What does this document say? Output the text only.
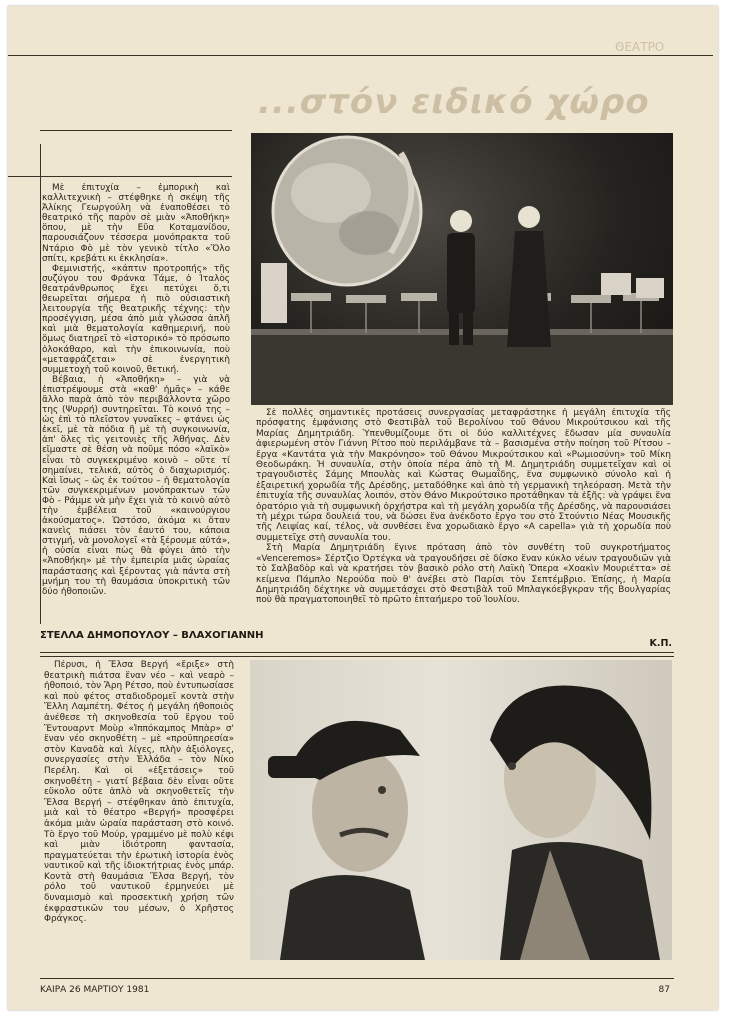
ΘΕΑΤΡΟ
...στόν ειδικό χώρο

Μὲ ἐπιτυχία – ἐμπορικὴ καὶ καλλιτεχνικὴ – στέφθηκε ἡ σκέψη τῆς Ἀλίκης Γεωργούλη νὰ ἐναποθέσει τὸ θεατρικό τῆς παρὸν σὲ μιὰν «Ἀποθήκη» ὅπου, μὲ τὴν Εὔα Κοταμανίδου, παρουσιάζουν τέσσερα μονόπρακτα τοῦ Ντάριο Φὸ μὲ τὸν γενικὸ τίτλο «Ὅλο σπίτι, κρεβάτι κι ἐκκλησία».

Φεμινιστής, «κάπτιν προτροπής» τῆς συζύγου του Φράνκα Τάμε, ὁ Ἰταλὸς θεατράνθρωπος ἔχει πετύχει ὅ,τι θεωρεῖται σήμερα ἡ πιὸ οὐσιαστικὴ λειτουργία τῆς θεατρικῆς τέχνης: τὴν προσέγγιση, μέσα ἀπὸ μιὰ γλώσσα ἁπλῆ καὶ μιὰ θεματολογία καθημερινή, ποὺ ὅμως διατηρεῖ τὸ «ἱστορικό» τὸ πρόσωπο ὁλοκάθαρο, καὶ τὴν ἐπικοινωνία, ποὺ «μεταφράζεται» σὲ ἐνεργητικὴ συμμετοχὴ τοῦ κοινοῦ, θετική.

Βέβαια, ἡ «Ἀποθήκη» – γιὰ νὰ ἐπιστρέψουμε στὰ «καθ' ἡμᾶς» – κάθε ἄλλο παρὰ ἀπὸ τὸν περιβάλλοντα χῶρο της (Ψυρρή) συντηρεῖται. Τὸ κοινό της – ὡς ἐπὶ τὸ πλεῖστον γυναῖκες – φτάνει ὡς ἐκεῖ, μὲ τὰ πόδια ἢ μὲ τὴ συγκοινωνία, ἀπ' ὅλες τὶς γειτονιὲς τῆς Ἀθήνας. Δὲν εἴμαστε σὲ θέση νὰ ποῦμε πόσο «λαϊκὸ» εἶναι τὸ συγκεκριμένο κοινὸ – οὔτε τί σημαίνει, τελικά, αὐτὸς ὁ διαχωρισμός. Καὶ ἴσως – ὡς ἐκ τούτου – ἡ θεματολογία τῶν συγκεκριμένων μονόπρακτων τῶν Φὸ - Ράμμε νὰ μὴν ἔχει γιὰ τὸ κοινὸ αὐτὸ τὴν ἐμβέλεια τοῦ «καινούργιου ἀκούσματος». Ὡστόσο, ἀκόμα κι ὅταν κανεὶς πιάσει τὸν ἑαυτό του, κάποια στιγμή, νὰ μονολογεῖ «τὰ ξέρουμε αὐτά», ἡ οὐσία εἶναι πὼς θὰ φύγει ἀπὸ τὴν «Ἀποθήκη» μὲ τὴν ἐμπειρία μιᾶς ὡραίας παράστασης καὶ ξέροντας γιὰ πάντα στὴ μνήμη του τὴ θαυμάσια ὑποκριτικὴ τῶν δύο ἠθοποιῶν.

ΣΤΕΛΛΑ ΔΗΜΟΠΟΥΛΟΥ – ΒΛΑΧΟΓΙΑΝΝΗ

Σὲ πολλὲς σημαντικὲς προτάσεις συνεργασίας μεταφράστηκε ἡ μεγάλη ἐπιτυχία τῆς πρόσφατης ἐμφάνισης στὸ Φεστιβὰλ τοῦ Βερολίνου τοῦ Θάνου Μικρούτσικου καὶ τῆς Μαρίας Δημητριάδη. Ὑπενθυμίζουμε ὅτι οἱ δύο καλλιτέχνες ἔδωσαν μία συναυλία ἀφιερωμένη στὸν Γιάννη Ρίτσο ποὺ περιλάμβανε τὰ – βασισμένα στὴν ποίηση τοῦ Ρίτσου – ἔργα «Καντάτα γιὰ τὴν Μακρόνησο» τοῦ Θάνου Μικρούτσικου καὶ «Ρωμιοσύνη» τοῦ Μίκη Θεοδωράκη. Ἡ συναυλία, στὴν ὁποία πέρα ἀπὸ τὴ Μ. Δημητριάδη συμμετεῖχαν καὶ οἱ τραγουδιστὲς Σάμης Μπουλὰς καὶ Κώστας Θωμαΐδης, ἕνα συμφωνικὸ σύνολο καὶ ἡ ἐξαιρετική χορωδία τῆς Δρέσδης, μεταδόθηκε καὶ ἀπὸ τὴ γερμανικὴ τηλεόραση. Μετὰ τὴν ἐπιτυχία τῆς συναυλίας λοιπόν, στὸν Θάνο Μικρούτσικο προτάθηκαν τὰ ἑξῆς: νὰ γράψει ἕνα ὀρατόριο γιὰ τὴ συμφωνικὴ ὀρχήστρα καὶ τὴ μεγάλη χορωδία τῆς Δρέσδης, νὰ παρουσιάσει τὴ μέχρι τώρα δουλειά του, νὰ δώσει ἕνα ἀνέκδοτο ἔργο του στὸ Στούντιο Νέας Μουσικῆς τῆς Λειψίας καί, τέλος, νὰ συνθέσει ἕνα χορωδιακὸ ἔργο «A capella» γιὰ τὴ χορωδία ποὺ συμμετεῖχε στὴ συναυλία του.

Στὴ Μαρία Δημητριάδη ἔγινε πρόταση ἀπὸ τὸν συνθέτη τοῦ συγκροτήματος «Venceremos» Σέρτζιο Ὀρτέγκα νὰ τραγουδήσει σὲ δίσκο ἕναν κύκλο νέων τραγουδιῶν γιὰ τὸ Σαλβαδὸρ καὶ νὰ κρατήσει τὸν βασικὸ ρόλο στὴ Λαϊκὴ Ὄπερα «Χοακὶν Μουριέττα» σὲ κείμενα Πάμπλο Νερούδα ποὺ θ' ἀνέβει στὸ Παρίσι τὸν Σεπτέμβριο. Ἐπίσης, ἡ Μαρία Δημητριάδη δέχτηκε νὰ συμμετάσχει στὸ Φεστιβὰλ τοῦ Μπλαγκόεβγκραν τῆς Βουλγαρίας ποὺ θὰ πραγματοποιηθεῖ τὸ πρῶτο ἑπταήμερο τοῦ Ἰουλίου.

Κ.Π.

Πέρυσι, ἡ Ἔλσα Βεργή «ἔριξε» στὴ θεατρικὴ πιάτσα ἕναν νέο – καὶ νεαρὸ – ἠθοποιό, τὸν Ἄρη Ρέτσο, ποὺ ἐντυπωσίασε καὶ ποὺ φέτος σταδιοδρομεῖ κοντὰ στὴν Ἔλλη Λαμπέτη. Φέτος ἡ μεγάλη ἠθοποιὸς ἀνέθεσε τὴ σκηνοθεσία τοῦ ἔργου τοῦ Ἔντουαρντ Μοὺρ «Ἱππόκαμπος Μπὰρ» σ' ἕναν νέο σκηνοθέτη – μὲ «προϋπηρεσία» στὸν Καναδὰ καὶ λίγες, πλὴν ἀξιόλογες, συνεργασίες στὴν Ἑλλάδα – τὸν Νίκο Περέλη. Καὶ οἱ «ἐξετάσεις» τοῦ σκηνοθέτη – γιατί βέβαια δὲν εἶναι οὔτε εὔκολο οὔτε ἁπλὸ νὰ σκηνοθετεῖς τὴν Ἔλσα Βεργή – στέφθηκαν ἀπὸ ἐπιτυχία, μιὰ καὶ τὸ θέατρο «Βεργή» προσφέρει ἀκόμα μιὰν ὡραία παράσταση στὸ κοινό. Τὸ ἔργο τοῦ Μούρ, γραμμένο μὲ πολὺ κέφι καὶ μιὰν ἰδιότροπη φαντασία, πραγματεύεται τὴν ἐρωτικὴ ἱστορία ἑνὸς ναυτικοῦ καὶ τῆς ἰδιοκτήτριας ἑνὸς μπάρ. Κοντὰ στὴ θαυμάσια Ἔλσα Βεργή, τὸν ρόλο τοῦ ναυτικοῦ ἑρμηνεύει μὲ δυναμισμὸ καὶ προσεκτικὴ χρήση τῶν ἐκφραστικῶν του μέσων, ὁ Χρῆστος Φράγκος.

ΚΑΙΡΑ 26 ΜΑΡΤΙΟΥ 1981	87
